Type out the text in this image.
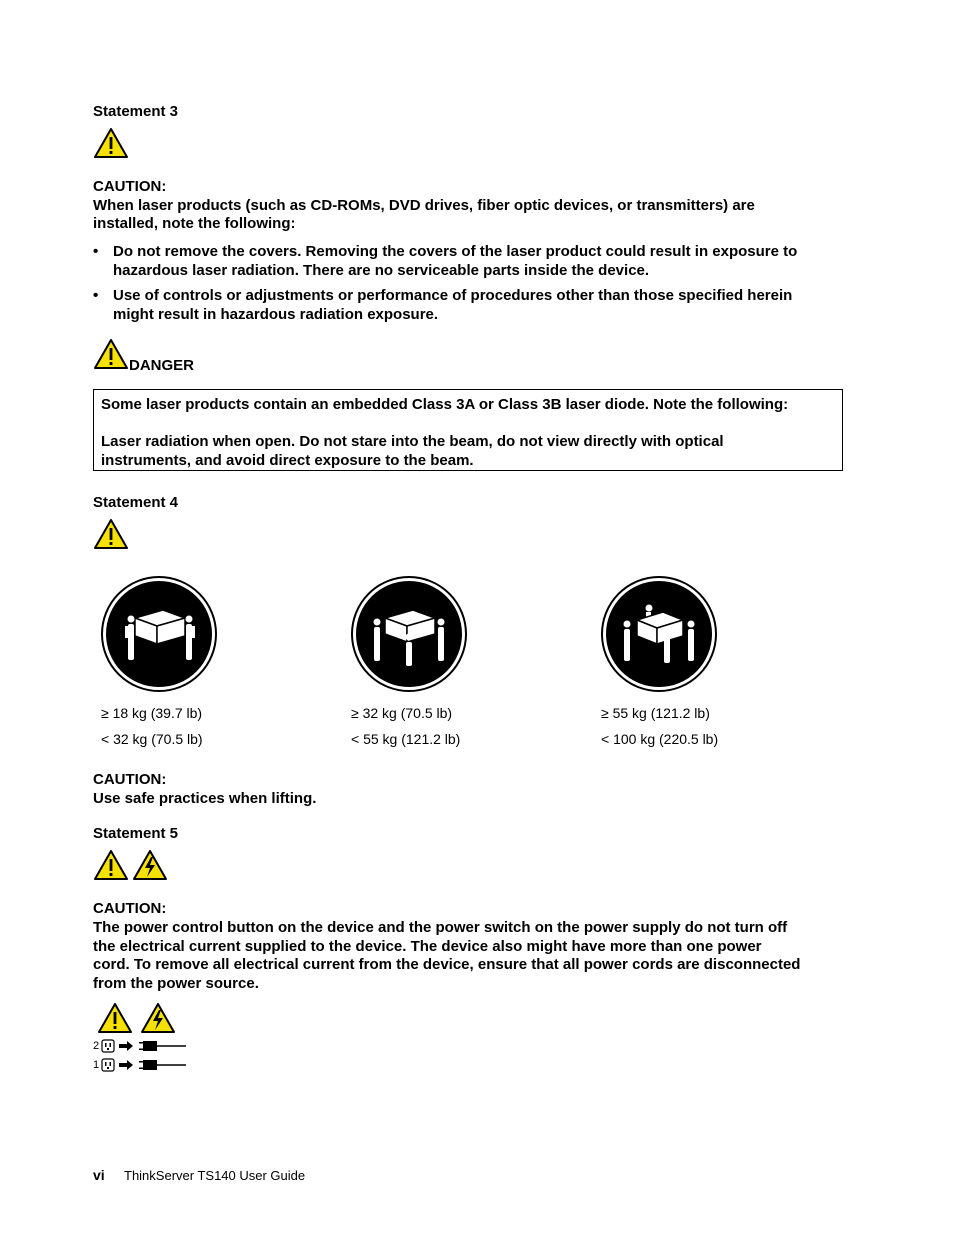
Statement 3
CAUTION:
When laser products (such as CD-ROMs, DVD drives, fiber optic devices, or transmitters) are
installed, note the following:
• Do not remove the covers. Removing the covers of the laser product could result in exposure to
hazardous laser radiation. There are no serviceable parts inside the device.
• Use of controls or adjustments or performance of procedures other than those specified herein
might result in hazardous radiation exposure.
DANGER
Some laser products contain an embedded Class 3A or Class 3B laser diode. Note the following:
Laser radiation when open. Do not stare into the beam, do not view directly with optical
instruments, and avoid direct exposure to the beam.
Statement 4
≥ 18 kg (39.7 lb)
< 32 kg (70.5 lb)
≥ 32 kg (70.5 lb)
< 55 kg (121.2 lb)
≥ 55 kg (121.2 lb)
< 100 kg (220.5 lb)
CAUTION:
Use safe practices when lifting.
Statement 5
CAUTION:
The power control button on the device and the power switch on the power supply do not turn off
the electrical current supplied to the device. The device also might have more than one power
cord. To remove all electrical current from the device, ensure that all power cords are disconnected
from the power source.
2
1
vi ThinkServer TS140 User Guide
